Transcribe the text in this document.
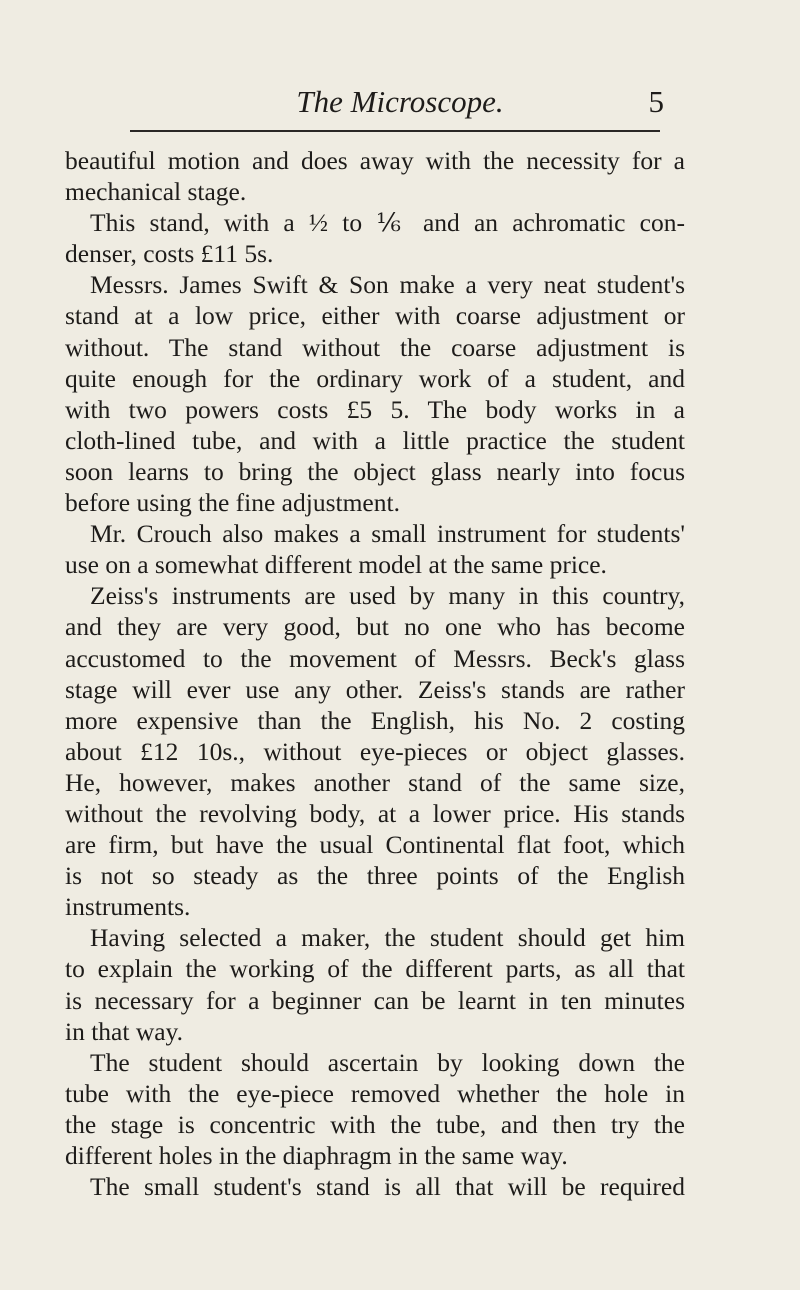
The Microscope.	5
beautiful motion and does away with the necessity for a
mechanical stage.
This stand, with a ½ to ⅙ and an achromatic con-
denser, costs £11 5s.
Messrs. James Swift & Son make a very neat student's
stand at a low price, either with coarse adjustment or
without. The stand without the coarse adjustment is
quite enough for the ordinary work of a student, and
with two powers costs £5 5. The body works in a
cloth-lined tube, and with a little practice the student
soon learns to bring the object glass nearly into focus
before using the fine adjustment.
Mr. Crouch also makes a small instrument for students'
use on a somewhat different model at the same price.
Zeiss's instruments are used by many in this country,
and they are very good, but no one who has become
accustomed to the movement of Messrs. Beck's glass
stage will ever use any other. Zeiss's stands are rather
more expensive than the English, his No. 2 costing
about £12 10s., without eye-pieces or object glasses.
He, however, makes another stand of the same size,
without the revolving body, at a lower price. His stands
are firm, but have the usual Continental flat foot, which
is not so steady as the three points of the English
instruments.
Having selected a maker, the student should get him
to explain the working of the different parts, as all that
is necessary for a beginner can be learnt in ten minutes
in that way.
The student should ascertain by looking down the
tube with the eye-piece removed whether the hole in
the stage is concentric with the tube, and then try the
different holes in the diaphragm in the same way.
The small student's stand is all that will be required
